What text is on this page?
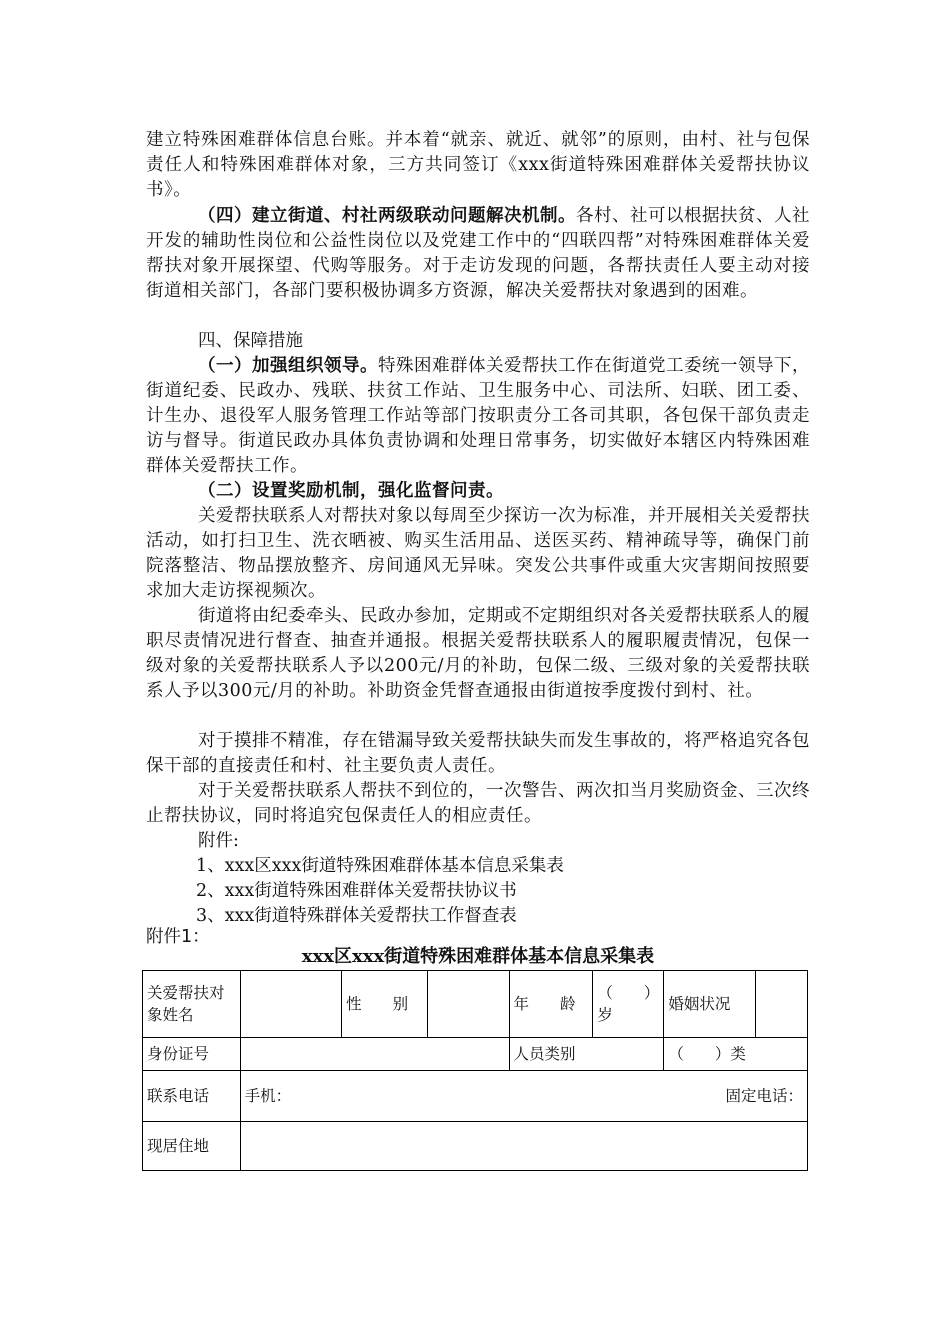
建立特殊困难群体信息台账。并本着“就亲、就近、就邻”的原则，由村、社与包保责任人和特殊困难群体对象，三方共同签订《xxx街道特殊困难群体关爱帮扶协议书》。
（四）建立街道、村社两级联动问题解决机制。各村、社可以根据扶贫、人社开发的辅助性岗位和公益性岗位以及党建工作中的“四联四帮”对特殊困难群体关爱帮扶对象开展探望、代购等服务。对于走访发现的问题，各帮扶责任人要主动对接街道相关部门，各部门要积极协调多方资源，解决关爱帮扶对象遇到的困难。
四、保障措施
（一）加强组织领导。特殊困难群体关爱帮扶工作在街道党工委统一领导下，街道纪委、民政办、残联、扶贫工作站、卫生服务中心、司法所、妇联、团工委、计生办、退役军人服务管理工作站等部门按职责分工各司其职，各包保干部负责走访与督导。街道民政办具体负责协调和处理日常事务，切实做好本辖区内特殊困难群体关爱帮扶工作。
（二）设置奖励机制，强化监督问责。
关爱帮扶联系人对帮扶对象以每周至少探访一次为标准，并开展相关关爱帮扶活动，如打扫卫生、洗衣晒被、购买生活用品、送医买药、精神疏导等，确保门前院落整洁、物品摆放整齐、房间通风无异味。突发公共事件或重大灾害期间按照要求加大走访探视频次。
街道将由纪委牵头、民政办参加，定期或不定期组织对各关爱帮扶联系人的履职尽责情况进行督查、抽查并通报。根据关爱帮扶联系人的履职履责情况，包保一级对象的关爱帮扶联系人予以200元/月的补助，包保二级、三级对象的关爱帮扶联系人予以300元/月的补助。补助资金凭督查通报由街道按季度拨付到村、社。
对于摸排不精准，存在错漏导致关爱帮扶缺失而发生事故的，将严格追究各包保干部的直接责任和村、社主要负责人责任。
对于关爱帮扶联系人帮扶不到位的，一次警告、两次扣当月奖励资金、三次终止帮扶协议，同时将追究包保责任人的相应责任。
附件:
1、xxx区xxx街道特殊困难群体基本信息采集表
2、xxx街道特殊困难群体关爱帮扶协议书
3、xxx街道特殊群体关爱帮扶工作督查表
附件1：
xxx区xxx街道特殊困难群体基本信息采集表
关爱帮扶对象姓名		性　　别		年　　龄	（　　）岁	婚姻状况	
身份证号				人员类别		（　　）类	
联系电话	手机： 固定电话：						

现居住地							
